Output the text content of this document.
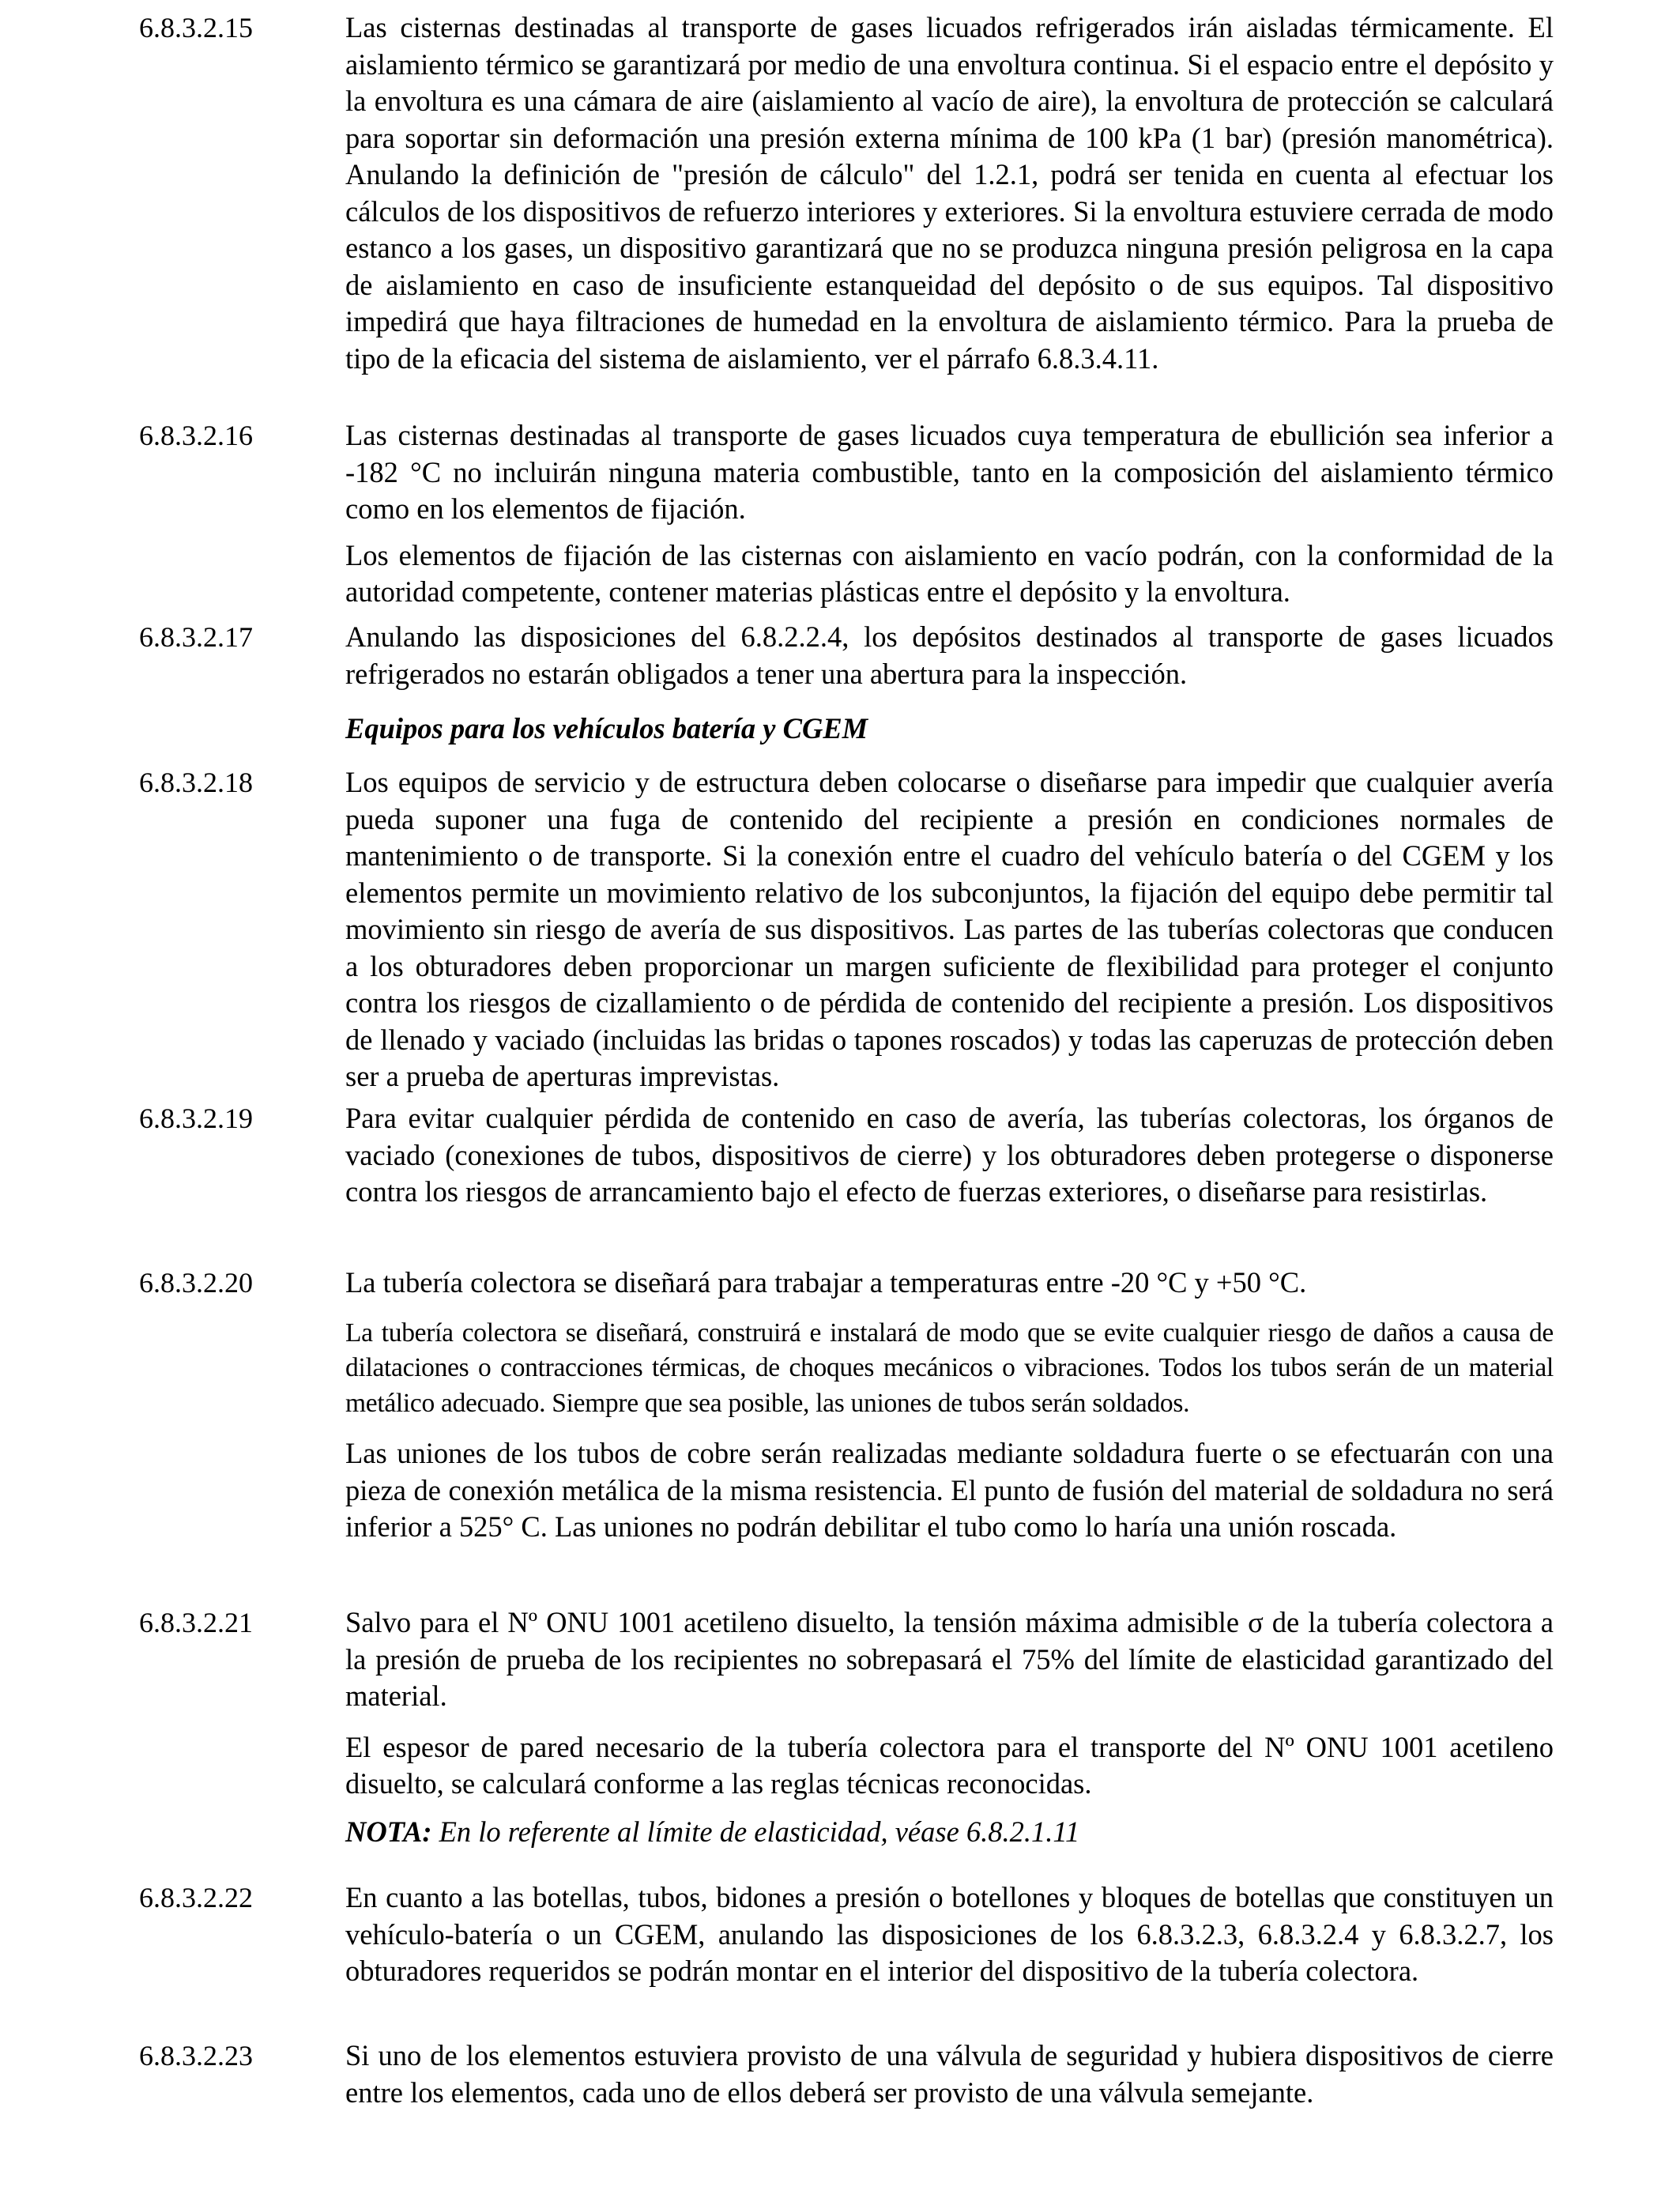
6.8.3.2.15	Las cisternas destinadas al transporte de gases licuados refrigerados irán aisladas térmicamente. El aislamiento térmico se garantizará por medio de una envoltura continua. Si el espacio entre el depósito y la envoltura es una cámara de aire (aislamiento al vacío de aire), la envoltura de protección se calculará para soportar sin deformación una presión externa mínima de 100 kPa (1 bar) (presión manométrica). Anulando la definición de "presión de cálculo" del 1.2.1, podrá ser tenida en cuenta al efectuar los cálculos de los dispositivos de refuerzo interiores y exteriores. Si la envoltura estuviere cerrada de modo estanco a los gases, un dispositivo garantizará que no se produzca ninguna presión peligrosa en la capa de aislamiento en caso de insuficiente estanqueidad del depósito o de sus equipos. Tal dispositivo impedirá que haya filtraciones de humedad en la envoltura de aislamiento térmico. Para la prueba de tipo de la eficacia del sistema de aislamiento, ver el párrafo 6.8.3.4.11.

6.8.3.2.16	Las cisternas destinadas al transporte de gases licuados cuya temperatura de ebullición sea inferior a -182 °C no incluirán ninguna materia combustible, tanto en la composición del aislamiento térmico como en los elementos de fijación.

Los elementos de fijación de las cisternas con aislamiento en vacío podrán, con la conformidad de la autoridad competente, contener materias plásticas entre el depósito y la envoltura.

6.8.3.2.17	Anulando las disposiciones del 6.8.2.2.4, los depósitos destinados al transporte de gases licuados refrigerados no estarán obligados a tener una abertura para la inspección.

Equipos para los vehículos batería y CGEM

6.8.3.2.18	Los equipos de servicio y de estructura deben colocarse o diseñarse para impedir que cualquier avería pueda suponer una fuga de contenido del recipiente a presión en condiciones normales de mantenimiento o de transporte. Si la conexión entre el cuadro del vehículo batería o del CGEM y los elementos permite un movimiento relativo de los subconjuntos, la fijación del equipo debe permitir tal movimiento sin riesgo de avería de sus dispositivos. Las partes de las tuberías colectoras que conducen a los obturadores deben proporcionar un margen suficiente de flexibilidad para proteger el conjunto contra los riesgos de cizallamiento o de pérdida de contenido del recipiente a presión. Los dispositivos de llenado y vaciado (incluidas las bridas o tapones roscados) y todas las caperuzas de protección deben ser a prueba de aperturas imprevistas.

6.8.3.2.19	Para evitar cualquier pérdida de contenido en caso de avería, las tuberías colectoras, los órganos de vaciado (conexiones de tubos, dispositivos de cierre) y los obturadores deben protegerse o disponerse contra los riesgos de arrancamiento bajo el efecto de fuerzas exteriores, o diseñarse para resistirlas.

6.8.3.2.20	La tubería colectora se diseñará para trabajar a temperaturas entre -20 °C y +50 °C.

La tubería colectora se diseñará, construirá e instalará de modo que se evite cualquier riesgo de daños a causa de dilataciones o contracciones térmicas, de choques mecánicos o vibraciones. Todos los tubos serán de un material metálico adecuado. Siempre que sea posible, las uniones de tubos serán soldados.

Las uniones de los tubos de cobre serán realizadas mediante soldadura fuerte o se efectuarán con una pieza de conexión metálica de la misma resistencia. El punto de fusión del material de soldadura no será inferior a 525° C. Las uniones no podrán debilitar el tubo como lo haría una unión roscada.

6.8.3.2.21	Salvo para el Nº ONU 1001 acetileno disuelto, la tensión máxima admisible σ de la tubería colectora a la presión de prueba de los recipientes no sobrepasará el 75% del límite de elasticidad garantizado del material.

El espesor de pared necesario de la tubería colectora para el transporte del Nº ONU 1001 acetileno disuelto, se calculará conforme a las reglas técnicas reconocidas.

NOTA: En lo referente al límite de elasticidad, véase 6.8.2.1.11

6.8.3.2.22	En cuanto a las botellas, tubos, bidones a presión o botellones y bloques de botellas que constituyen un vehículo-batería o un CGEM, anulando las disposiciones de los 6.8.3.2.3, 6.8.3.2.4 y 6.8.3.2.7, los obturadores requeridos se podrán montar en el interior del dispositivo de la tubería colectora.

6.8.3.2.23	Si uno de los elementos estuviera provisto de una válvula de seguridad y hubiera dispositivos de cierre entre los elementos, cada uno de ellos deberá ser provisto de una válvula semejante.
